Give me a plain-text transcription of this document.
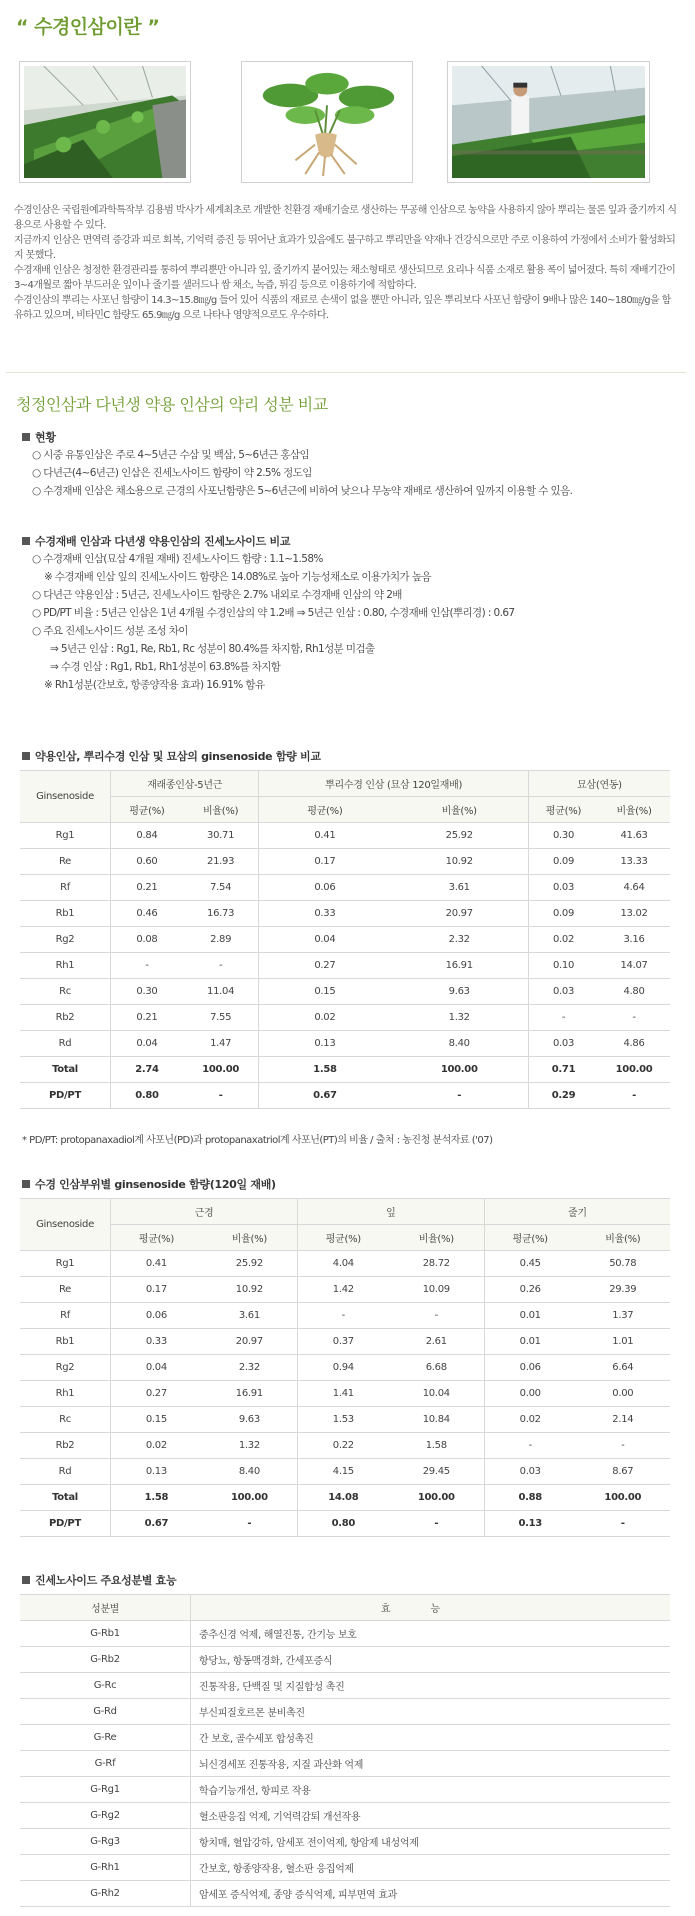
“ 수경인삼이란 ”

수경인삼은 국립원예과학특작부 김용범 박사가 세계최초로 개발한 친환경 재배기술로 생산하는 무공해 인삼으로 농약을 사용하지 않아 뿌리는 물론 잎과 줄기까지 식용으로 사용할 수 있다.

지금까지 인삼은 면역력 증강과 피로 회복, 기억력 증진 등 뛰어난 효과가 있음에도 불구하고 뿌리만을 약재나 건강식으로만 주로 이용하여 가정에서 소비가 활성화되지 못했다.

수경재배 인삼은 청정한 환경관리를 통하여 뿌리뿐만 아니라 잎, 줄기까지 붙어있는 채소형태로 생산되므로 요리나 식품 소재로 활용 폭이 넓어졌다. 특히 재배기간이 3~4개월로 짧아 부드러운 잎이나 줄기를 샐러드나 쌈 채소, 녹즙, 튀김 등으로 이용하기에 적합하다.

수경인삼의 뿌리는 사포닌 함량이 14.3~15.8㎎/g 들어 있어 식품의 재료로 손색이 없을 뿐만 아니라, 잎은 뿌리보다 사포닌 함량이 9배나 많은 140~180㎎/g을 함유하고 있으며, 비타민C 함량도 65.9㎎/g 으로 나타나 영양적으로도 우수하다.

청정인삼과 다년생 약용 인삼의 약리 성분 비교
현황
○ 시중 유통인삼은 주로 4~5년근 수삼 및 백삼, 5~6년근 홍삼임
○ 다년근(4~6년근) 인삼은 진세노사이드 함량이 약 2.5% 정도임
○ 수경재배 인삼은 채소용으로 근경의 사포닌함량은 5~6년근에 비하여 낮으나 무농약 재배로 생산하여 잎까지 이용할 수 있음.
수경재배 인삼과 다년생 약용인삼의 진세노사이드 비교
○ 수경재배 인삼(묘삼 4개월 재배) 진세노사이드 함량 : 1.1~1.58%
※ 수경재배 인삼 잎의 진세노사이드 함량은 14.08%로 높아 기능성채소로 이용가치가 높음
○ 다년근 약용인삼 : 5년근, 진세노사이드 함량은 2.7% 내외로 수경재배 인삼의 약 2배
○ PD/PT 비율 : 5년근 인삼은 1년 4개월 수경인삼의 약 1.2배 ⇒ 5년근 인삼 : 0.80, 수경재배 인삼(뿌리경) : 0.67
○ 주요 진세노사이드 성분 조성 차이
⇒ 5년근 인삼 : Rg1, Re, Rb1, Rc 성분이 80.4%를 차지함, Rh1성분 미검출
⇒ 수경 인삼 : Rg1, Rb1, Rh1성분이 63.8%를 차지함
※ Rh1성분(간보호, 항종양작용 효과) 16.91% 함유
약용인삼, 뿌리수경 인삼 및 묘삼의 ginsenoside 함량 비교
Ginsenoside	재래종인삼-5년근		뿌리수경 인삼 (묘삼 120일재배)		묘삼(연동)	
	평균(%)	비율(%)	평균(%)	비율(%)	평균(%)	비율(%)
Rg1	0.84	30.71	0.41	25.92	0.30	41.63
Re	0.60	21.93	0.17	10.92	0.09	13.33
Rf	0.21	7.54	0.06	3.61	0.03	4.64
Rb1	0.46	16.73	0.33	20.97	0.09	13.02
Rg2	0.08	2.89	0.04	2.32	0.02	3.16
Rh1	-	-	0.27	16.91	0.10	14.07
Rc	0.30	11.04	0.15	9.63	0.03	4.80
Rb2	0.21	7.55	0.02	1.32	-	-
Rd	0.04	1.47	0.13	8.40	0.03	4.86
Total	2.74	100.00	1.58	100.00	0.71	100.00
PD/PT	0.80	-	0.67	-	0.29	-
* PD/PT: protopanaxadiol계 사포닌(PD)과 protopanaxatriol계 사포닌(PT)의 비율 / 출처 : 농진청 분석자료 ('07)
수경 인삼부위별 ginsenoside 함량(120일 재배)
Ginsenoside	근경		잎		줄기	
	평균(%)	비율(%)	평균(%)	비율(%)	평균(%)	비율(%)
Rg1	0.41	25.92	4.04	28.72	0.45	50.78
Re	0.17	10.92	1.42	10.09	0.26	29.39
Rf	0.06	3.61	-	-	0.01	1.37
Rb1	0.33	20.97	0.37	2.61	0.01	1.01
Rg2	0.04	2.32	0.94	6.68	0.06	6.64
Rh1	0.27	16.91	1.41	10.04	0.00	0.00
Rc	0.15	9.63	1.53	10.84	0.02	2.14
Rb2	0.02	1.32	0.22	1.58	-	-
Rd	0.13	8.40	4.15	29.45	0.03	8.67
Total	1.58	100.00	14.08	100.00	0.88	100.00
PD/PT	0.67	-	0.80	-	0.13	-
진세노사이드 주요성분별 효능
성분별	효능
G-Rb1	중추신경 억제, 해열진통, 간기능 보호
G-Rb2	항당뇨, 항동맥경화, 간세포증식
G-Rc	진통작용, 단백질 및 지질합성 촉진
G-Rd	부신피질호르몬 분비촉진
G-Re	간 보호, 골수세포 합성촉진
G-Rf	뇌신경세포 진통작용, 지질 과산화 억제
G-Rg1	학습기능개선, 항피로 작용
G-Rg2	혈소판응집 억제, 기억력감퇴 개선작용
G-Rg3	항치매, 혈압강하, 암세포 전이억제, 항암제 내성억제
G-Rh1	간보호, 항종양작용, 혈소판 응집억제
G-Rh2	암세포 증식억제, 종양 증식억제, 피부면역 효과
